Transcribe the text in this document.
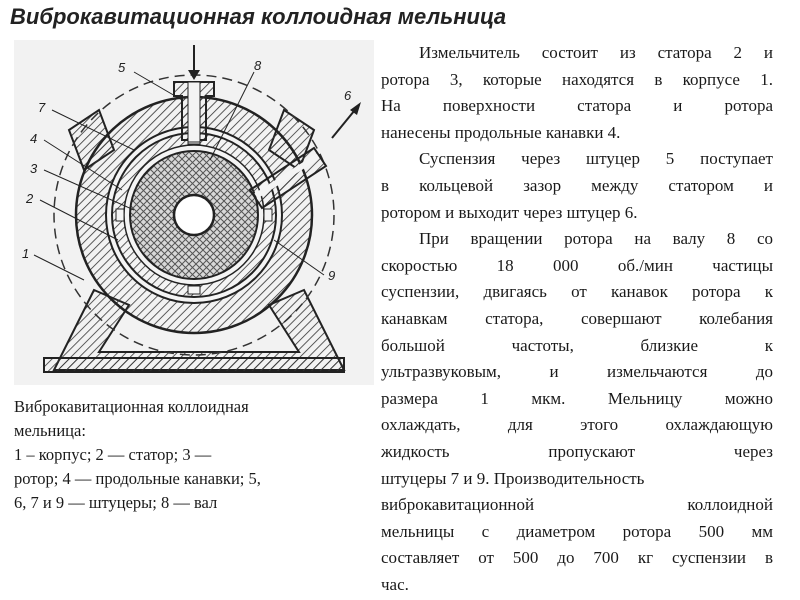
Виброкавитационная коллоидная мельница
5	8
7
4
3
2
1
6
9
Виброкавитационная коллоидная
мельница:
1 – корпус; 2 — статор; 3 —
ротор; 4 — продольные канавки; 5,
6, 7 и 9 — штуцеры; 8 — вал
Измельчитель состоит из статора 2 и
ротора 3, которые находятся в корпусе 1.
На поверхности статора и ротора
нанесены продольные канавки 4.
Суспензия через штуцер 5 поступает
в кольцевой зазор между статором и
ротором и выходит через штуцер 6.
При вращении ротора на валу 8 со
скоростью 18 000 об./мин частицы
суспензии, двигаясь от канавок ротора к
канавкам статора, совершают колебания
большой частоты, близкие к
ультразвуковым, и измельчаются до
размера 1 мкм. Мельницу можно
охлаждать, для этого охлаждающую
жидкость пропускают через
штуцеры 7 и 9. Производительность
виброкавитационной коллоидной
мельницы с диаметром ротора 500 мм
составляет от 500 до 700 кг суспензии в
час.
